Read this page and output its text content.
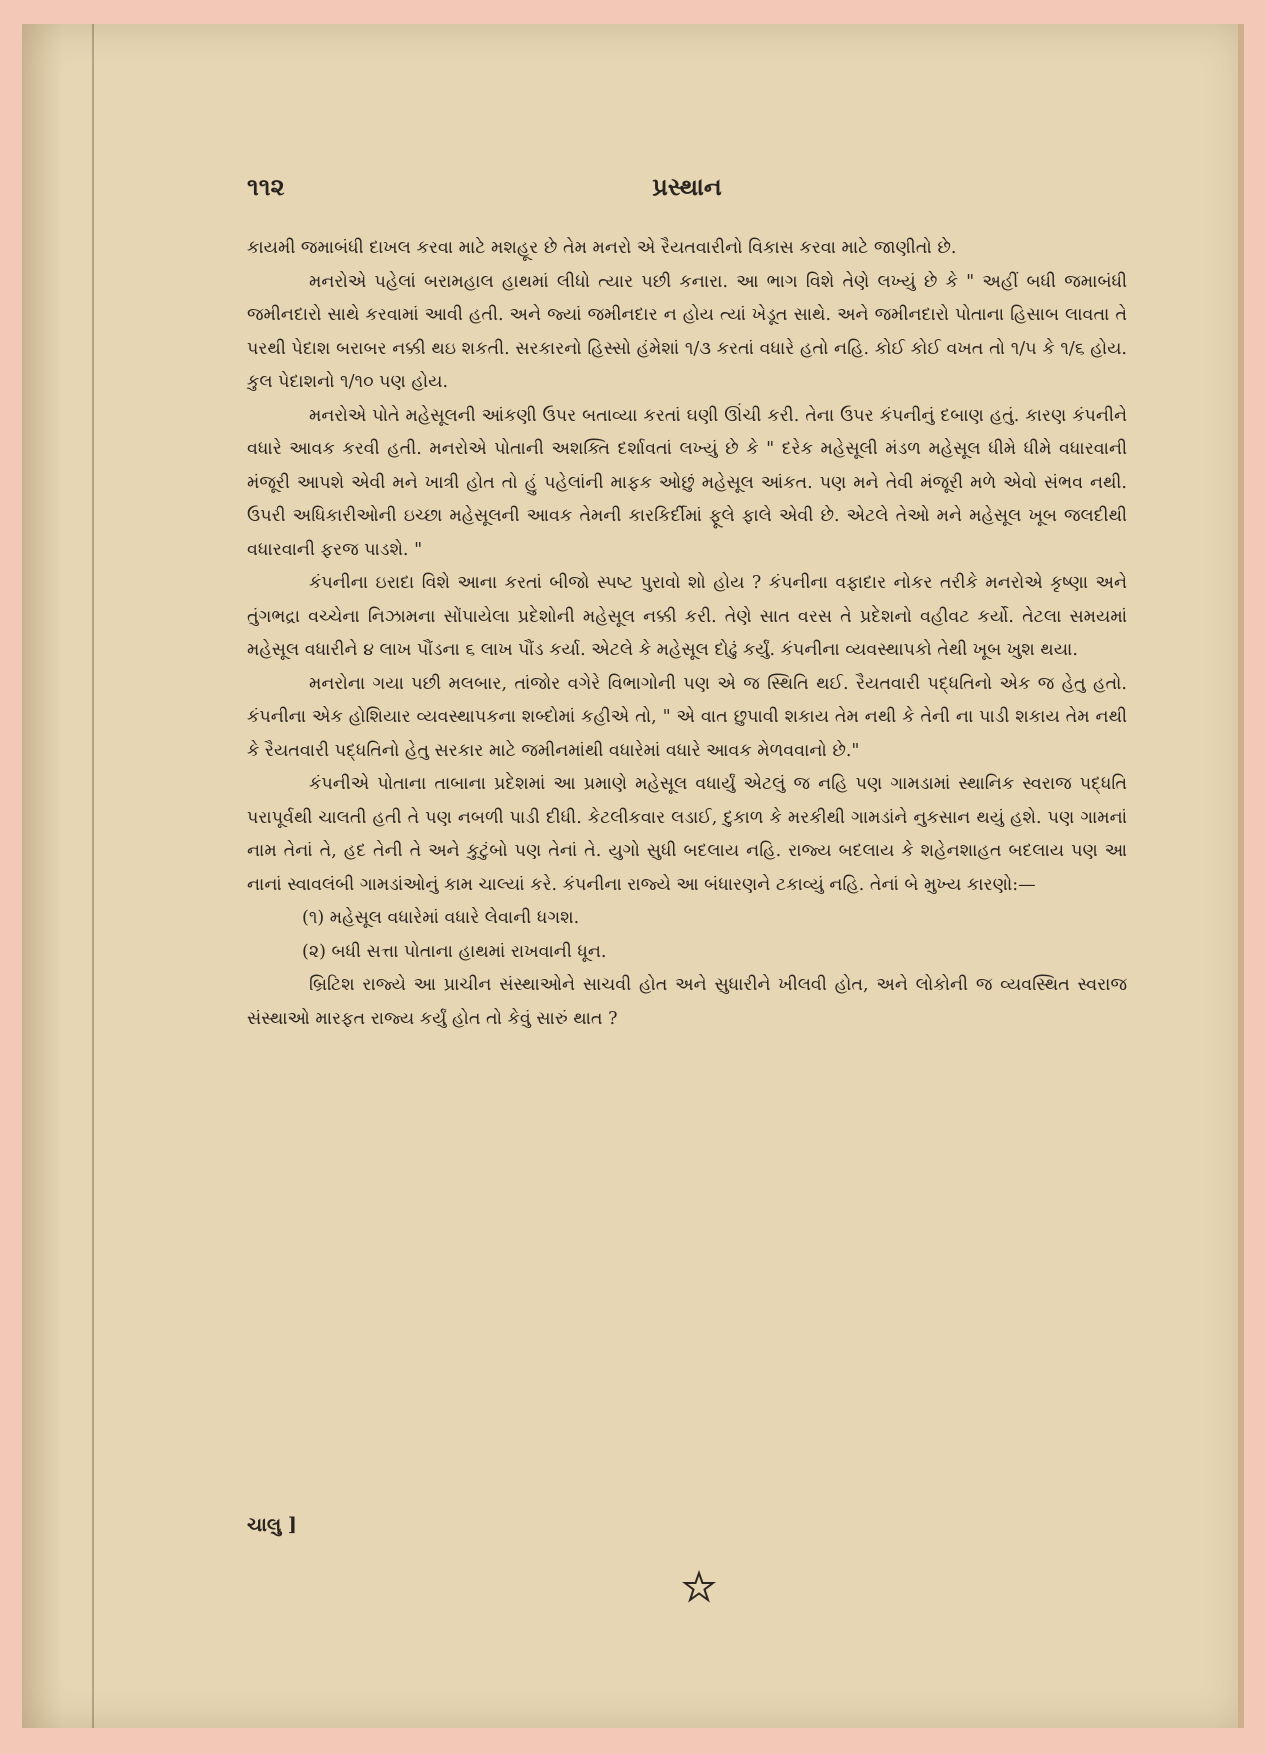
પ્રસ્થાન
૧૧૨

કાયમી જમાબંધી દાખલ કરવા માટે મશહૂર છે તેમ મનરો એ રૈયતવારીનો વિકાસ કરવા માટે જાણીતો છે.

મનરોએ પહેલાં બરામહાલ હાથમાં લીધો ત્યાર પછી કનારા. આ ભાગ વિશે તેણે લખ્યું છે કે " અહીં બધી જમાબંધી જમીનદારો સાથે કરવામાં આવી હતી. અને જ્યાં જમીનદાર ન હોય ત્યાં ખેડૂત સાથે. અને જમીનદારો પોતાના હિસાબ લાવતા તે પરથી પેદાશ બરાબર નક્કી થઇ શકતી. સરકારનો હિસ્સો હંમેશાં ૧/૩ કરતાં વધારે હતો નહિ. કોઈ કોઈ વખત તો ૧/૫ કે ૧/૬ હોય. કુલ પેદાશનો ૧/૧૦ પણ હોય.

મનરોએ પોતે મહેસૂલની આંકણી ઉપર બતાવ્યા કરતાં ઘણી ઊંચી કરી. તેના ઉપર કંપનીનું દબાણ હતું. કારણ કંપનીને વધારે આવક કરવી હતી. મનરોએ પોતાની અશક્તિ દર્શાવતાં લખ્યું છે કે " દરેક મહેસૂલી મંડળ મહેસૂલ ધીમે ધીમે વધારવાની મંજૂરી આપશે એવી મને ખાત્રી હોત તો હું પહેલાંની માફક ઓછું મહેસૂલ આંકત. પણ મને તેવી મંજૂરી મળે એવો સંભવ નથી. ઉપરી અધિકારીઓની ઇચ્છા મહેસૂલની આવક તેમની કારકિર્દીમાં ફૂલે ફાલે એવી છે. એટલે તેઓ મને મહેસૂલ ખૂબ જલદીથી વધારવાની ફરજ પાડશે. "

કંપનીના ઇરાદા વિશે આના કરતાં બીજો સ્પષ્ટ પુરાવો શો હોય ? કંપનીના વફાદાર નોકર તરીકે મનરોએ કૃષ્ણા અને તુંગભદ્રા વચ્ચેના નિઝામના સોંપાયેલા પ્રદેશોની મહેસૂલ નક્કી કરી. તેણે સાત વરસ તે પ્રદેશનો વહીવટ કર્યો. તેટલા સમયમાં મહેસૂલ વધારીને ૪ લાખ પૌંડના ૬ લાખ પૌંડ કર્યા. એટલે કે મહેસૂલ દોઢું કર્યું. કંપનીના વ્યવસ્થાપકો તેથી ખૂબ ખુશ થયા.

મનરોના ગયા પછી મલબાર, તાંજોર વગેરે વિભાગોની પણ એ જ સ્થિતિ થઈ. રૈયતવારી પદ્ધતિનો એક જ હેતુ હતો. કંપનીના એક હોશિયાર વ્યવસ્થાપકના શબ્દોમાં કહીએ તો, " એ વાત છુપાવી શકાય તેમ નથી કે તેની ના પાડી શકાય તેમ નથી કે રૈયતવારી પદ્ધતિનો હેતુ સરકાર માટે જમીનમાંથી વધારેમાં વધારે આવક મેળવવાનો છે."

કંપનીએ પોતાના તાબાના પ્રદેશમાં આ પ્રમાણે મહેસૂલ વધાર્યું એટલું જ નહિ પણ ગામડામાં સ્થાનિક સ્વરાજ પદ્ધતિ પરાપૂર્વથી ચાલતી હતી તે પણ નબળી પાડી દીધી. કેટલીકવાર લડાઈ, દુકાળ કે મરકીથી ગામડાંને નુકસાન થયું હશે. પણ ગામનાં નામ તેનાં તે, હદ તેની તે અને કુટુંબો પણ તેનાં તે. યુગો સુધી બદલાય નહિ. રાજ્ય બદલાય કે શહેનશાહત બદલાય પણ આ નાનાં સ્વાવલંબી ગામડાંઓનું કામ ચાલ્યાં કરે. કંપનીના રાજ્યે આ બંધારણને ટકાવ્યું નહિ. તેનાં બે મુખ્ય કારણો:—

(૧) મહેસૂલ વધારેમાં વધારે લેવાની ધગશ.

(૨) બધી સત્તા પોતાના હાથમાં રાખવાની ધૂન.

બ્રિટિશ રાજ્યે આ પ્રાચીન સંસ્થાઓને સાચવી હોત અને સુધારીને ખીલવી હોત, અને લોકોની જ વ્યવસ્થિત સ્વરાજ સંસ્થાઓ મારફત રાજ્ય કર્યું હોત તો કેવું સારું થાત ?

ચાલુ ]
